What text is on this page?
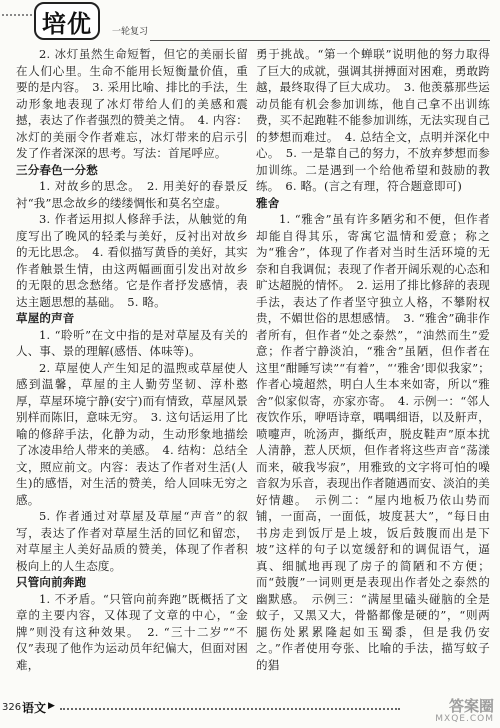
培优 一轮复习

2. 冰灯虽然生命短暂，但它的美丽长留在人们心里。生命不能用长短衡量价值，重要的是内容。　3. 采用比喻、排比的手法，生动形象地表现了冰灯带给人们的美感和震撼，表达了作者强烈的赞美之情。　4. 内容：冰灯的美丽令作者难忘，冰灯带来的启示引发了作者深深的思考。写法：首尾呼应。

三分春色一分愁

1. 对故乡的思念。　2. 用美好的春景反衬“我”思念故乡的缕缕惆怅和莫名空虚。

3. 作者运用拟人修辞手法，从触觉的角度写出了晚风的轻柔与美好，反衬出对故乡的无比思念。　4. 看似描写黄昏的美好，其实作者触景生情，由这两幅画面引发出对故乡的无限的思念愁绪。它是作者抒发感情，表达主题思想的基础。　5. 略。

草屋的声音

1. “聆听”在文中指的是对草屋及有关的人、事、景的理解(感悟、体味等)。

2. 草屋使人产生知足的温煦或草屋使人感到温馨，草屋的主人勤劳坚韧、淳朴憨厚，草屋环境宁静(安宁)而有情致，草屋风景别样而陈旧，意味无穷。　3. 这句话运用了比喻的修辞手法，化静为动，生动形象地描绘了冰凌串给人带来的美感。　4. 结构：总结全文，照应前文。内容：表达了作者对生活(人生)的感悟，对生活的赞美，给人回味无穷之感。

5. 作者通过对草屋及草屋“声音”的叙写，表达了作者对草屋生活的回忆和留恋，对草屋主人美好品质的赞美，体现了作者积极向上的人生态度。

只管向前奔跑

1. 不矛盾。“只管向前奔跑”既概括了文章的主要内容，又体现了文章的中心，“金牌”则没有这种效果。　2. “三十二岁”“不仅”表现了他作为运动员年纪偏大，但面对困难，

勇于挑战。“第一个蝉联”说明他的努力取得了巨大的成就，强调其拼搏面对困难，勇敢跨越，最终取得了巨大成功。　3. 他羡慕那些运动员能有机会参加训练，他自己拿不出训练费，买不起跑鞋不能参加训练，无法实现自己的梦想而难过。　4. 总结全文，点明并深化中心。　5. 一是靠自己的努力，不放弃梦想而参加训练。二是遇到一个给他希望和鼓励的教练。　6. 略。(言之有理，符合题意即可)

雅舍

1. “雅舍”虽有许多陋劣和不便，但作者却能自得其乐，寄寓它温情和爱意；称之为“雅舍”，体现了作者对当时生活环境的无奈和自我调侃；表现了作者开阔乐观的心态和旷达超脱的情怀。　2. 运用了排比修辞的表现手法，表达了作者坚守独立人格，不攀附权贵，不媚世俗的思想感情。　3. “雅舍”确非作者所有，但作者“处之泰然”，“油然而生”爱意；作者宁静淡泊，“雅舍”虽陋，但作者在这里“酣睡写读”“有着”，“‘雅舍’即似我家”；作者心境超然，明白人生本来如寄，所以“雅舍”似家似寄，亦家亦寄。　4. 示例一：“邻人夜饮作乐，咿唔诗章，喁喁细语，以及鼾声，喷嚏声，吮汤声，撕纸声，脱皮鞋声”原本扰人清静，惹人厌烦，但作者将这些声音“荡漾而来，破我岑寂”，用雅致的文字将可怕的噪音叙为乐音，表现出作者随遇而安、淡泊的美好情趣。　示例二：“屋内地板乃依山势而铺，一面高，一面低，坡度甚大”，“每日由书房走到饭厅是上坡，饭后鼓腹而出是下坡”这样的句子以宽缓舒和的调侃语气，逼真、细腻地再现了房子的简陋和不方便；而“鼓腹”一词则更是表现出作者处之泰然的幽默感。　示例三：“满屋里磕头碰脑的全是蚊子，又黑又大，骨骼都像是硬的”，“则两腿伤处累累隆起如玉蜀黍，但是我仍安之。”作者使用夸张、比喻的手法，描写蚊子的猖

326 语文 ▶	答案圈
MXQE.COM
